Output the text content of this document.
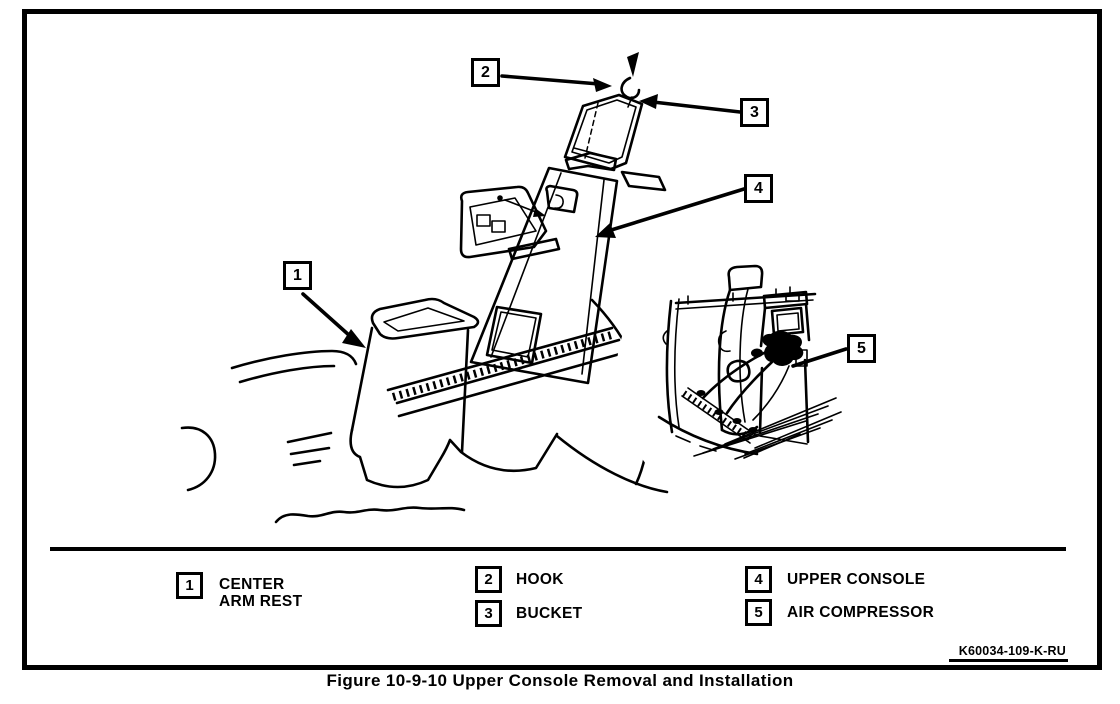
1
2
3
4
5
1	CENTER
ARM REST
2	HOOK
3	BUCKET
4	UPPER CONSOLE
5	AIR COMPRESSOR
K60034-109-K-RU
Figure 10-9-10 Upper Console Removal and Installation
